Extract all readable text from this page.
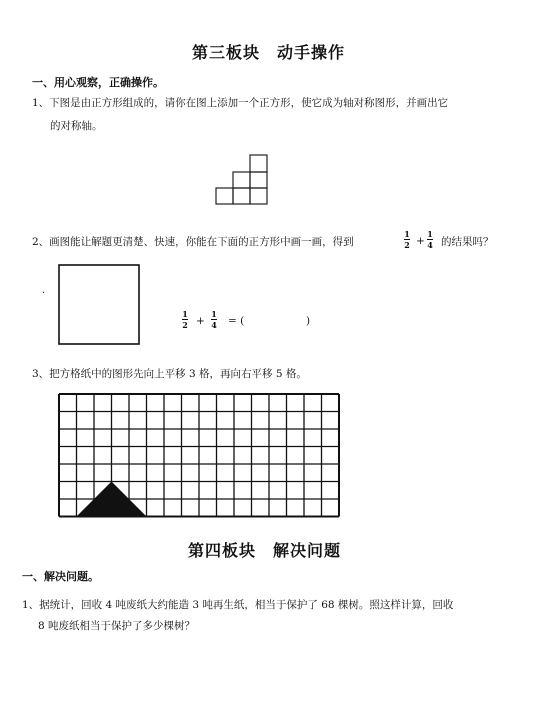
第三板块　动手操作
一、用心观察，正确操作。
1、下图是由正方形组成的，请你在图上添加一个正方形，使它成为轴对称图形，并画出它
的对称轴。
2、画图能让解题更清楚、快速，你能在下面的正方形中画一画，得到
1
2 +
1
4 的结果吗？
·
1
2 +
1
4 = (	)
3、把方格纸中的图形先向上平移 3 格，再向右平移 5 格。
第四板块　解决问题
一、解决问题。
1、据统计，回收 4 吨废纸大约能造 3 吨再生纸，相当于保护了 68 棵树。照这样计算，回收
8 吨废纸相当于保护了多少棵树？
